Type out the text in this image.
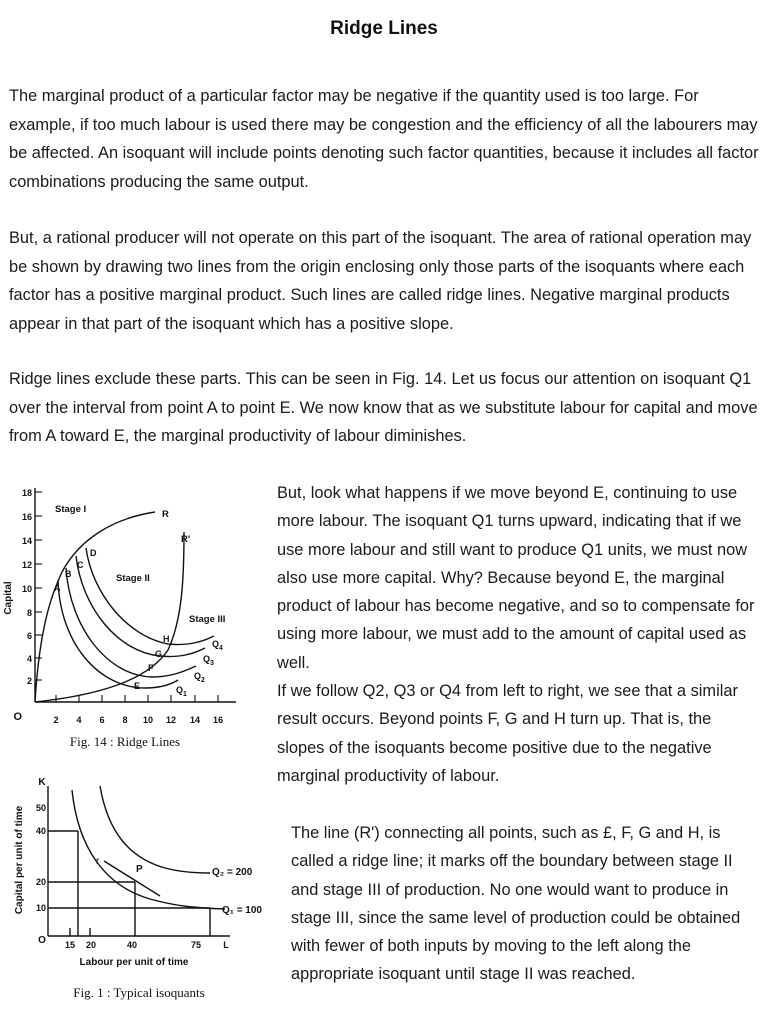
Ridge Lines

The marginal product of a particular factor may be negative if the quantity used is too large. For example, if too much labour is used there may be congestion and the efficiency of all the labourers may be affected. An isoquant will include points denoting such factor quantities, because it includes all factor combinations producing the same output.

But, a rational producer will not operate on this part of the isoquant. The area of rational operation may be shown by drawing two lines from the origin enclosing only those parts of the isoquants where each factor has a positive marginal product. Such lines are called ridge lines. Negative marginal products appear in that part of the isoquant which has a positive slope.

Ridge lines exclude these parts. This can be seen in Fig. 14. Let us focus our attention on isoquant Q1 over the interval from point A to point E. We now know that as we substitute labour for capital and move from A toward E, the marginal productivity of labour diminishes.

But, look what happens if we move beyond E, continuing to use more labour. The isoquant Q1 turns upward, indicating that if we use more labour and still want to produce Q1 units, we must now also use more capital. Why? Because beyond E, the marginal product of labour has become negative, and so to compensate for using more labour, we must add to the amount of capital used as well.

If we follow Q2, Q3 or Q4 from left to right, we see that a similar result occurs. Beyond points F, G and H turn up. That is, the slopes of the isoquants become positive due to the negative marginal productivity of labour.

The line (R') connecting all points, such as £, F, G and H, is called a ridge line; it marks off the boundary between stage II and stage III of production. No one would want to produce in stage III, since the same level of production could be obtained with fewer of both inputs by moving to the left along the appropriate isoquant until stage II was reached.

18
16
14
12
10
8
6
4
2
2 4 6 8 10 12 14 16
O
Capital
Stage I
Stage II
Stage III
R
R'
A
B
C
D
E
F
G
H
$Q_1$
$Q_2$
$Q_3$
$Q_4$
Fig. 14 : Ridge Lines
50
40
20
10
K
O 15 20	40	75 L
Labour per unit of time
Capital per unit of time	P
r
Q₂ = 200
Q₁ = 100
Fig. 1 : Typical isoquants
